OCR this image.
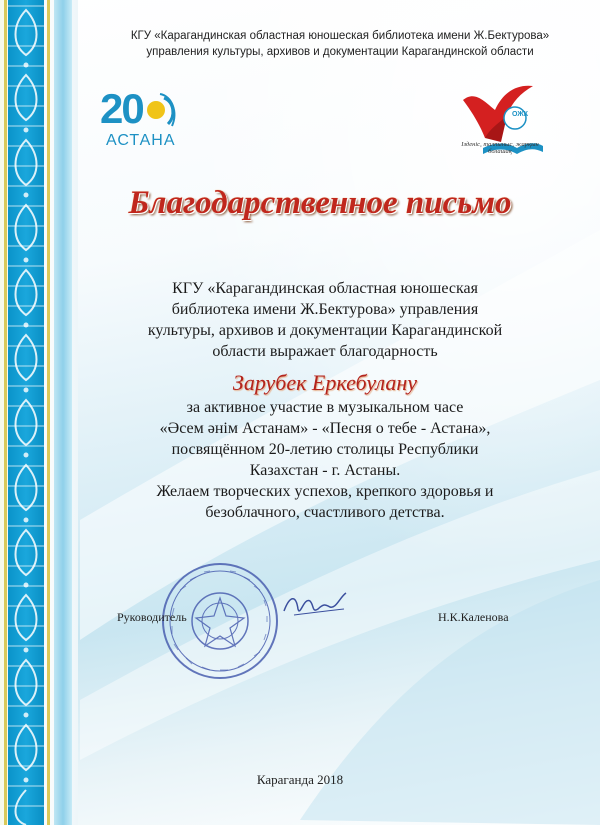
КГУ «Карагандинская областная юношеская библиотека имени Ж.Бектурова»
управления культуры, архивов и документации Карагандинской области
20
АСТАНА
ОЖК
Ізденіс, талпыныс, жарқын болашақ
Благодарственное письмо
КГУ «Карагандинская областная юношеская
библиотека имени Ж.Бектурова» управления
культуры, архивов и документации Карагандинской
области выражает благодарность
Зарубек Еркебулану
за активное участие в музыкальном часе
«Әсем әнім Астанам» - «Песня о тебе - Астана»,
посвящённом 20-летию столицы Республики
Казахстан - г. Астаны.
Желаем творческих успехов, крепкого здоровья и
безоблачного, счастливого детства.
Руководитель	Н.К.Каленова
Караганда 2018
